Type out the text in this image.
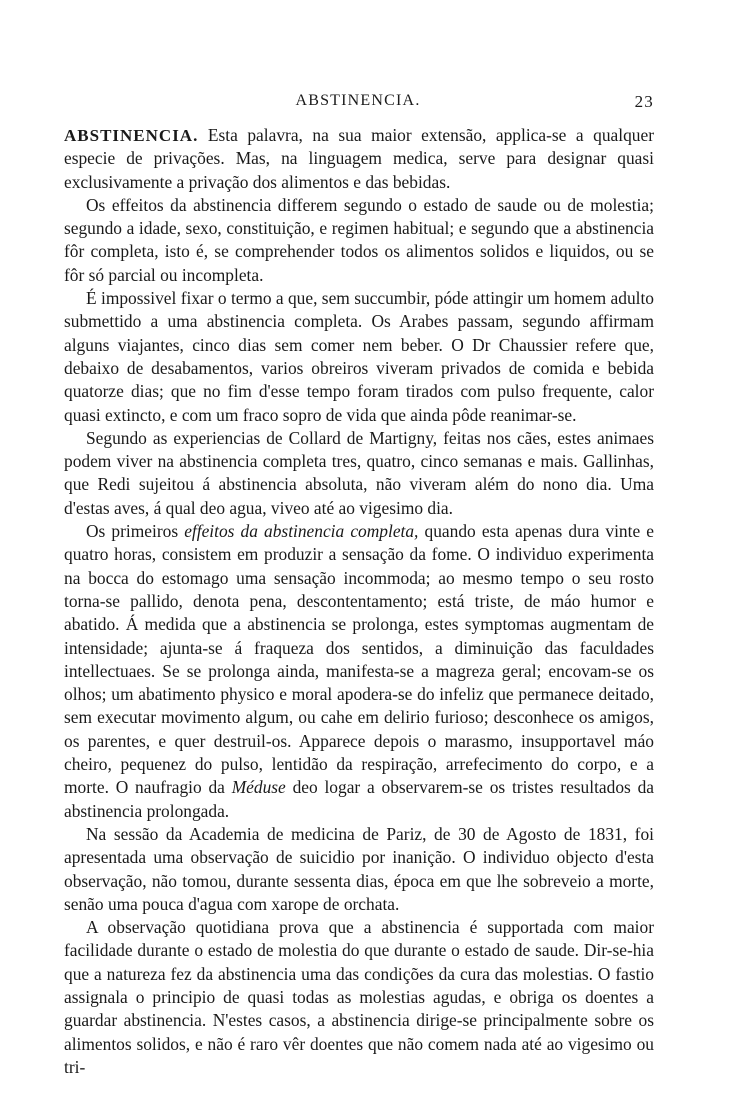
ABSTINENCIA.	23

ABSTINENCIA. Esta palavra, na sua maior extensão, applica-se a qualquer especie de privações. Mas, na linguagem medica, serve para designar quasi exclusivamente a privação dos alimentos e das bebidas.

Os effeitos da abstinencia differem segundo o estado de saude ou de molestia; segundo a idade, sexo, constituição, e regimen habitual; e segundo que a abstinencia fôr completa, isto é, se comprehender todos os alimentos solidos e liquidos, ou se fôr só parcial ou incompleta.

É impossivel fixar o termo a que, sem succumbir, póde attingir um homem adulto submettido a uma abstinencia completa. Os Arabes passam, segundo affirmam alguns viajantes, cinco dias sem comer nem beber. O Dr Chaussier refere que, debaixo de desabamentos, varios obreiros viveram privados de comida e bebida quatorze dias; que no fim d'esse tempo foram tirados com pulso frequente, calor quasi extincto, e com um fraco sopro de vida que ainda pôde reanimar-se.

Segundo as experiencias de Collard de Martigny, feitas nos cães, estes animaes podem viver na abstinencia completa tres, quatro, cinco semanas e mais. Gallinhas, que Redi sujeitou á abstinencia absoluta, não viveram além do nono dia. Uma d'estas aves, á qual deo agua, viveo até ao vigesimo dia.

Os primeiros effeitos da abstinencia completa, quando esta apenas dura vinte e quatro horas, consistem em produzir a sensação da fome. O individuo experimenta na bocca do estomago uma sensação incommoda; ao mesmo tempo o seu rosto torna-se pallido, denota pena, descontentamento; está triste, de máo humor e abatido. Á medida que a abstinencia se prolonga, estes symptomas augmentam de intensidade; ajunta-se á fraqueza dos sentidos, a diminuição das faculdades intellectuaes. Se se prolonga ainda, manifesta-se a magreza geral; encovam-se os olhos; um abatimento physico e moral apodera-se do infeliz que permanece deitado, sem executar movimento algum, ou cahe em delirio furioso; desconhece os amigos, os parentes, e quer destruil-os. Apparece depois o marasmo, insupportavel máo cheiro, pequenez do pulso, lentidão da respiração, arrefecimento do corpo, e a morte. O naufragio da Méduse deo logar a observarem-se os tristes resultados da abstinencia prolongada.

Na sessão da Academia de medicina de Pariz, de 30 de Agosto de 1831, foi apresentada uma observação de suicidio por inanição. O individuo objecto d'esta observação, não tomou, durante sessenta dias, época em que lhe sobreveio a morte, senão uma pouca d'agua com xarope de orchata.

A observação quotidiana prova que a abstinencia é supportada com maior facilidade durante o estado de molestia do que durante o estado de saude. Dir-se-hia que a natureza fez da abstinencia uma das condições da cura das molestias. O fastio assignala o principio de quasi todas as molestias agudas, e obriga os doentes a guardar abstinencia. N'estes casos, a abstinencia dirige-se principalmente sobre os alimentos solidos, e não é raro vêr doentes que não comem nada até ao vigesimo ou tri-
